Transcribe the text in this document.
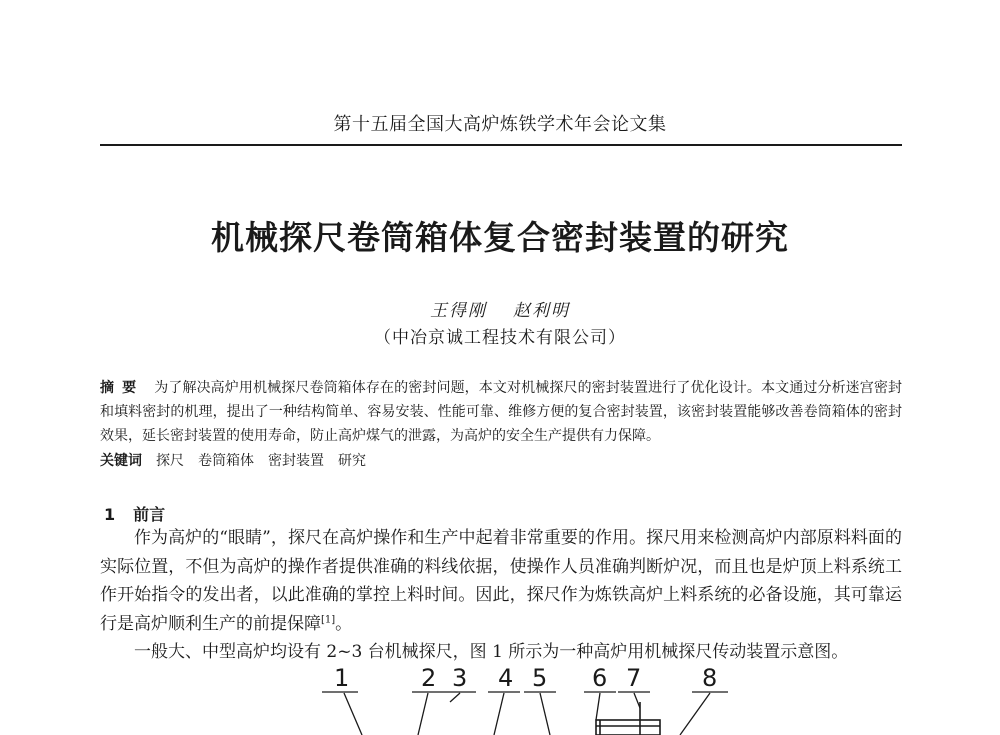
第十五届全国大高炉炼铁学术年会论文集
机械探尺卷筒箱体复合密封装置的研究
王得刚 赵利明
（中冶京诚工程技术有限公司）
摘要 为了解决高炉用机械探尺卷筒箱体存在的密封问题，本文对机械探尺的密封装置进行了优化设计。本文通过分析迷宫密封和填料密封的机理，提出了一种结构简单、容易安装、性能可靠、维修方便的复合密封装置，该密封装置能够改善卷筒箱体的密封效果，延长密封装置的使用寿命，防止高炉煤气的泄露，为高炉的安全生产提供有力保障。
关键词 探尺 卷筒箱体 密封装置 研究
1 前言

作为高炉的“眼睛”，探尺在高炉操作和生产中起着非常重要的作用。探尺用来检测高炉内部原料料面的实际位置，不但为高炉的操作者提供准确的料线依据，使操作人员准确判断炉况，而且也是炉顶上料系统工作开始指令的发出者，以此准确的掌控上料时间。因此，探尺作为炼铁高炉上料系统的必备设施，其可靠运行是高炉顺利生产的前提保障[1]。

一般大、中型高炉均设有 2~3 台机械探尺，图 1 所示为一种高炉用机械探尺传动装置示意图。

1	2 3 4 5 6 7	8
